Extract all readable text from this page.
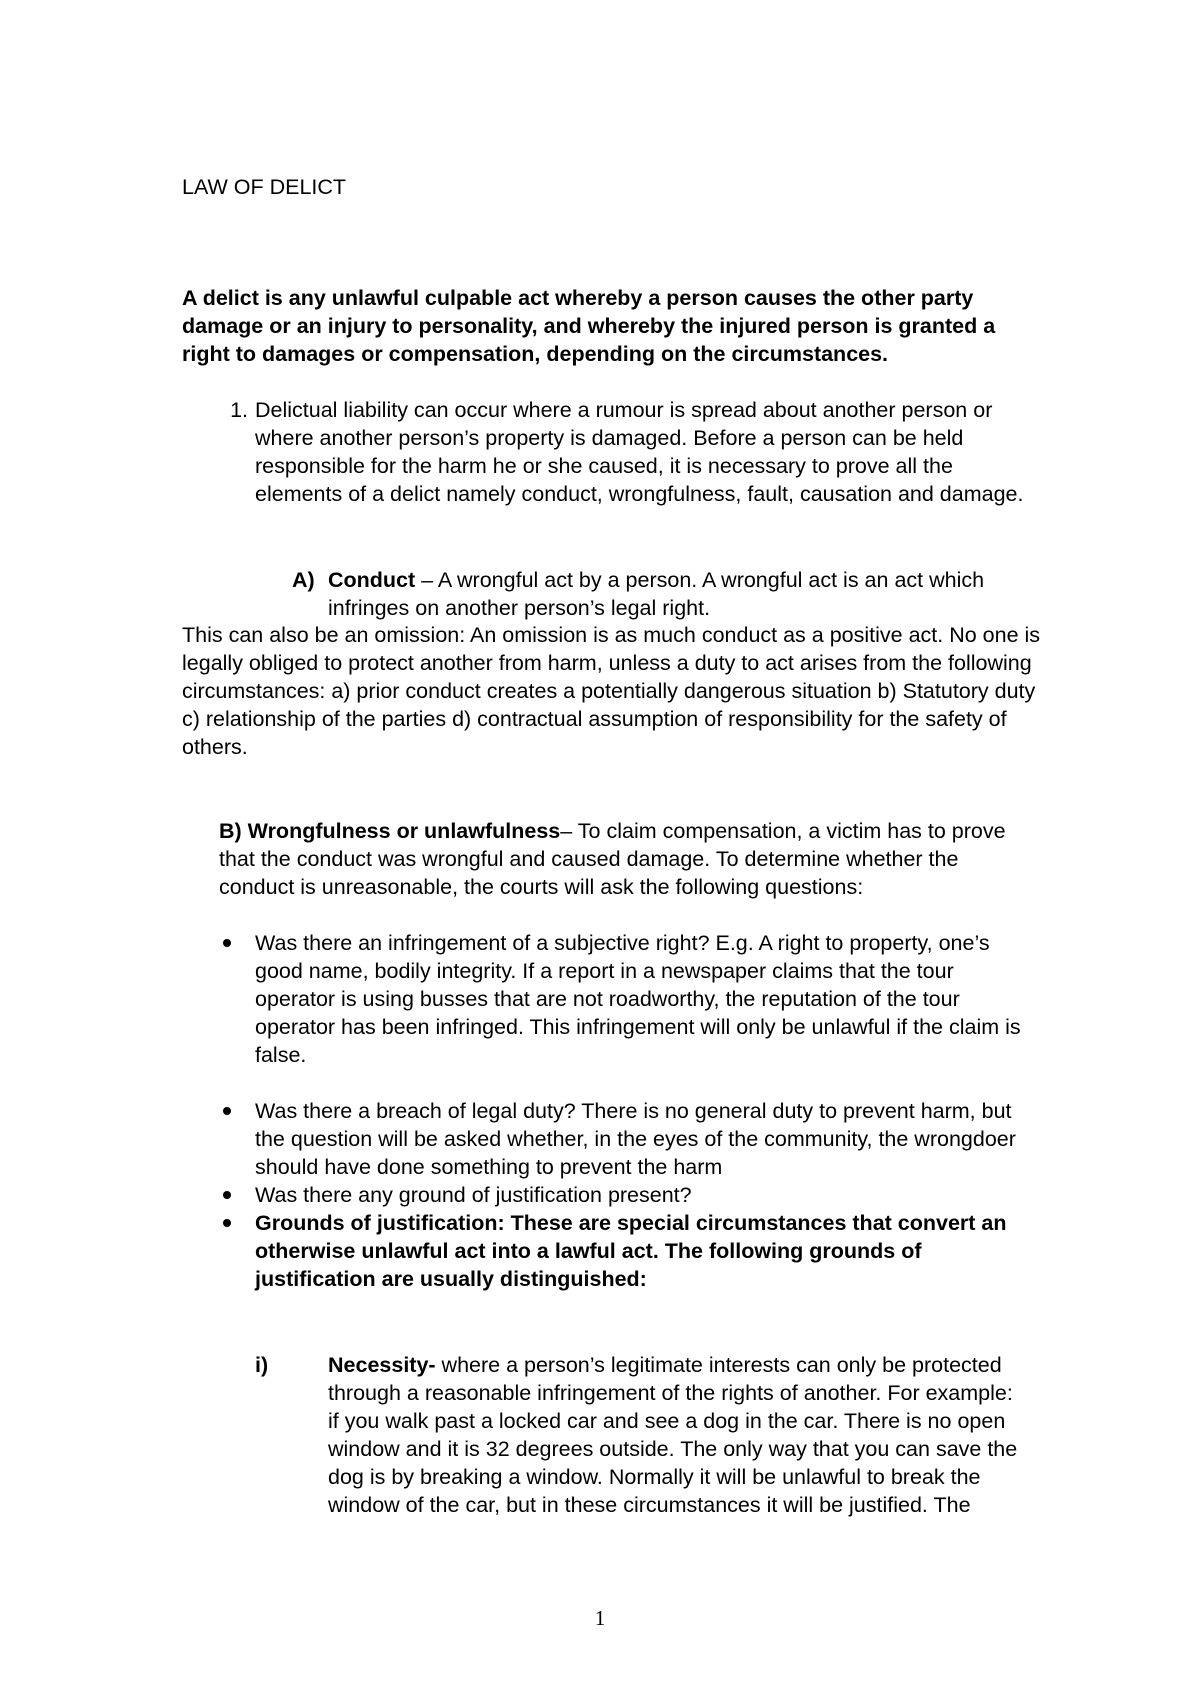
LAW OF DELICT

A delict is any unlawful culpable act whereby a person causes the other party damage or an injury to personality, and whereby the injured person is granted a right to damages or compensation, depending on the circumstances.

1. Delictual liability can occur where a rumour is spread about another person or where another person’s property is damaged. Before a person can be held responsible for the harm he or she caused, it is necessary to prove all the elements of a delict namely conduct, wrongfulness, fault, causation and damage.
A) Conduct – A wrongful act by a person. A wrongful act is an act which infringes on another person’s legal right.

This can also be an omission: An omission is as much conduct as a positive act. No one is legally obliged to protect another from harm, unless a duty to act arises from the following circumstances: a) prior conduct creates a potentially dangerous situation b) Statutory duty c) relationship of the parties d) contractual assumption of responsibility for the safety of others.

B) Wrongfulness or unlawfulness– To claim compensation, a victim has to prove that the conduct was wrongful and caused damage. To determine whether the conduct is unreasonable, the courts will ask the following questions:

Was there an infringement of a subjective right? E.g. A right to property, one’s good name, bodily integrity. If a report in a newspaper claims that the tour operator is using busses that are not roadworthy, the reputation of the tour operator has been infringed. This infringement will only be unlawful if the claim is false.
Was there a breach of legal duty? There is no general duty to prevent harm, but the question will be asked whether, in the eyes of the community, the wrongdoer should have done something to prevent the harm
Was there any ground of justification present?
Grounds of justification: These are special circumstances that convert an otherwise unlawful act into a lawful act. The following grounds of justification are usually distinguished:
i)	Necessity- where a person’s legitimate interests can only be protected through a reasonable infringement of the rights of another. For example: if you walk past a locked car and see a dog in the car. There is no open window and it is 32 degrees outside. The only way that you can save the dog is by breaking a window. Normally it will be unlawful to break the window of the car, but in these circumstances it will be justified. The
1
